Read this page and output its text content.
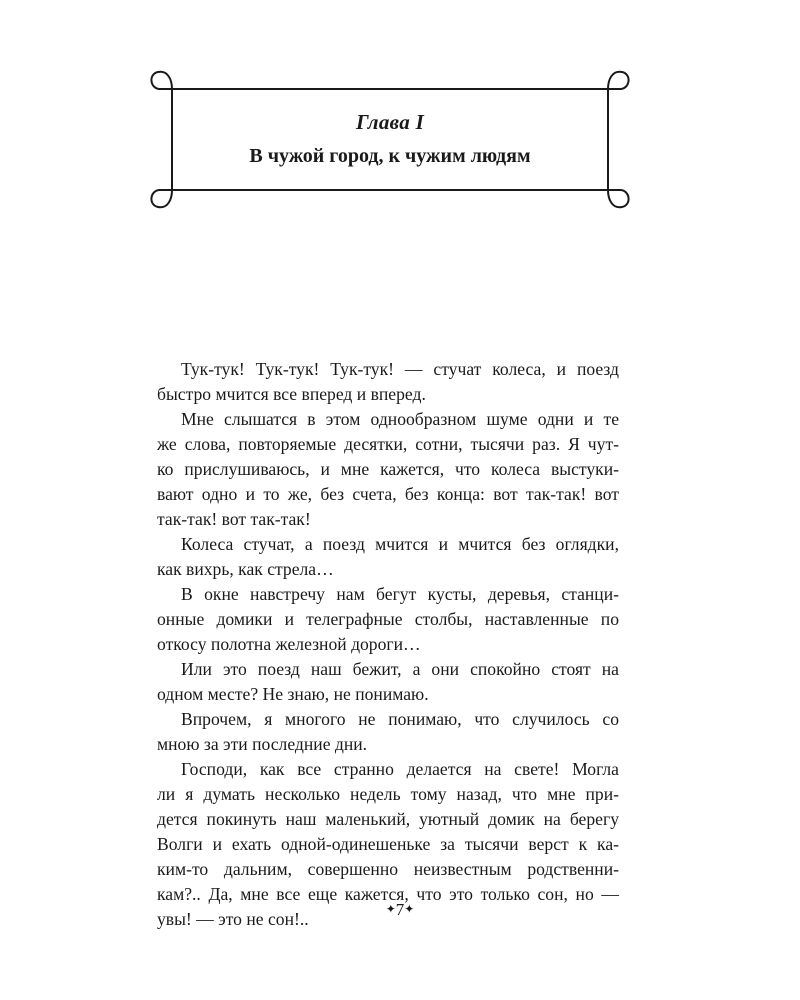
Глава I
В чужой город, к чужим людям
Тук-тук! Тук-тук! Тук-тук! — стучат колеса, и поезд
быстро мчится все вперед и вперед.
Мне слышатся в этом однообразном шуме одни и те
же слова, повторяемые десятки, сотни, тысячи раз. Я чут-
ко прислушиваюсь, и мне кажется, что колеса выстуки-
вают одно и то же, без счета, без конца: вот так-так! вот
так-так! вот так-так!
Колеса стучат, а поезд мчится и мчится без оглядки,
как вихрь, как стрела…
В окне навстречу нам бегут кусты, деревья, станци-
онные домики и телеграфные столбы, наставленные по
откосу полотна железной дороги…
Или это поезд наш бежит, а они спокойно стоят на
одном месте? Не знаю, не понимаю.
Впрочем, я многого не понимаю, что случилось со
мною за эти последние дни.
Господи, как все странно делается на свете! Могла
ли я думать несколько недель тому назад, что мне при-
дется покинуть наш маленький, уютный домик на берегу
Волги и ехать одной-одинешеньке за тысячи верст к ка-
ким-то дальним, совершенно неизвестным родственни-
кам?.. Да, мне все еще кажется, что это только сон, но —
увы! — это не сон!..	✦7✦
